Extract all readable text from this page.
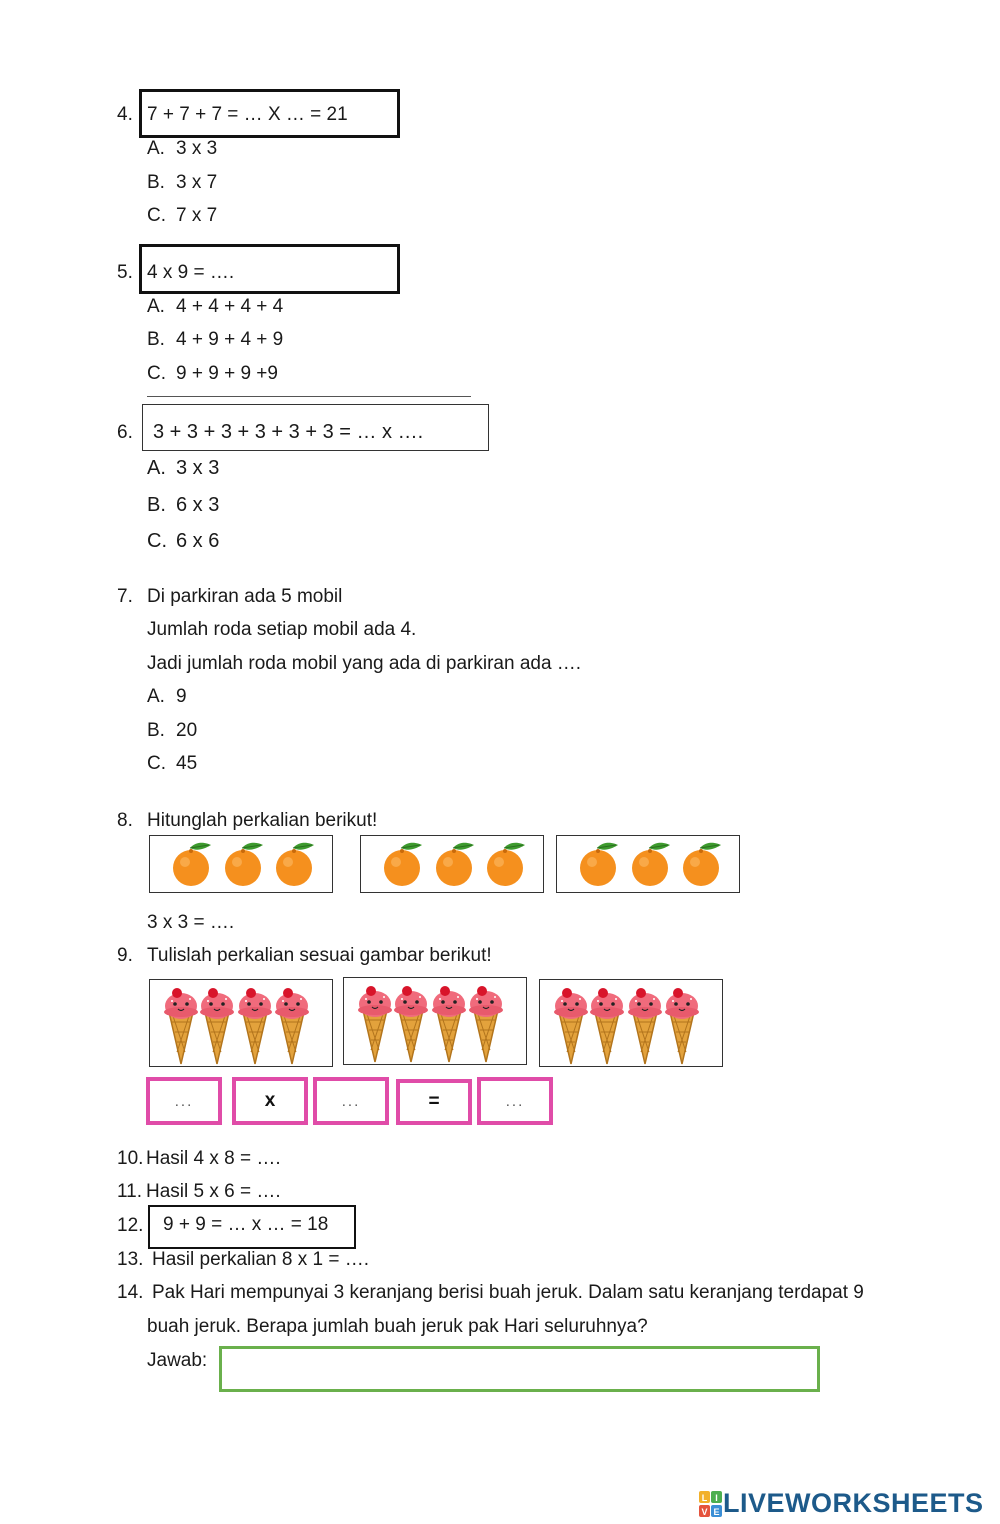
4. 7 + 7 + 7 = … X … = 21
A. 3 x 3
B. 3 x 7
C. 7 x 7
5. 4 x 9 = ….
A. 4 + 4 + 4 + 4
B. 4 + 9 + 4 + 9
C. 9 + 9 + 9 +9
6. 3 + 3 + 3 + 3 + 3 + 3 = … x ….
A. 3 x 3
B. 6 x 3
C. 6 x 6
7. Di parkiran ada 5 mobil
Jumlah roda setiap mobil ada 4.
Jadi jumlah roda mobil yang ada di parkiran ada ….
A. 9
B. 20
C. 45
8. Hitunglah perkalian berikut!
3 x 3 = ….
9. Tulislah perkalian sesuai gambar berikut!
...	x	...	=	...
10. Hasil 4 x 8 = ….
11. Hasil 5 x 6 = ….
12. 9 + 9 = … x … = 18
13. Hasil perkalian 8 x 1 = ….
14. Pak Hari mempunyai 3 keranjang berisi buah jeruk. Dalam satu keranjang terdapat 9
buah jeruk. Berapa jumlah buah jeruk pak Hari seluruhnya?
Jawab:
L I
V E LIVEWORKSHEETS
